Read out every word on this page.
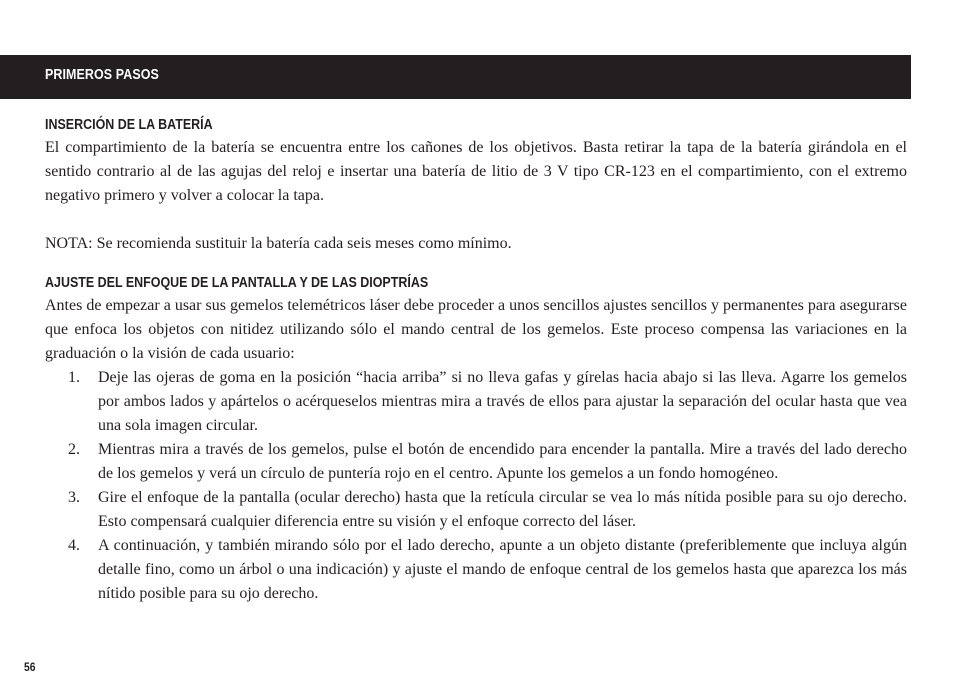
PRIMEROS PASOS
INSERCIÓN DE LA BATERÍA

El compartimiento de la batería se encuentra entre los cañones de los objetivos. Basta retirar la tapa de la batería girándola en el sentido contrario al de las agujas del reloj e insertar una batería de litio de 3 V tipo CR-123 en el compartimiento, con el extremo negativo primero y volver a colocar la tapa.

NOTA: Se recomienda sustituir la batería cada seis meses como mínimo.

AJUSTE DEL ENFOQUE DE LA PANTALLA Y DE LAS DIOPTRÍAS

Antes de empezar a usar sus gemelos telemétricos láser debe proceder a unos sencillos ajustes sencillos y permanentes para asegurarse que enfoca los objetos con nitidez utilizando sólo el mando central de los gemelos. Este proceso compensa las variaciones en la graduación o la visión de cada usuario:

1. Deje las ojeras de goma en la posición “hacia arriba” si no lleva gafas y gírelas hacia abajo si las lleva. Agarre los gemelos por ambos lados y apártelos o acérqueselos mientras mira a través de ellos para ajustar la separación del ocular hasta que vea una sola imagen circular.
2. Mientras mira a través de los gemelos, pulse el botón de encendido para encender la pantalla. Mire a través del lado derecho de los gemelos y verá un círculo de puntería rojo en el centro. Apunte los gemelos a un fondo homogéneo.
3. Gire el enfoque de la pantalla (ocular derecho) hasta que la retícula circular se vea lo más nítida posible para su ojo derecho. Esto compensará cualquier diferencia entre su visión y el enfoque correcto del láser.
4. A continuación, y también mirando sólo por el lado derecho, apunte a un objeto distante (preferiblemente que incluya algún detalle fino, como un árbol o una indicación) y ajuste el mando de enfoque central de los gemelos hasta que aparezca los más nítido posible para su ojo derecho.
56
